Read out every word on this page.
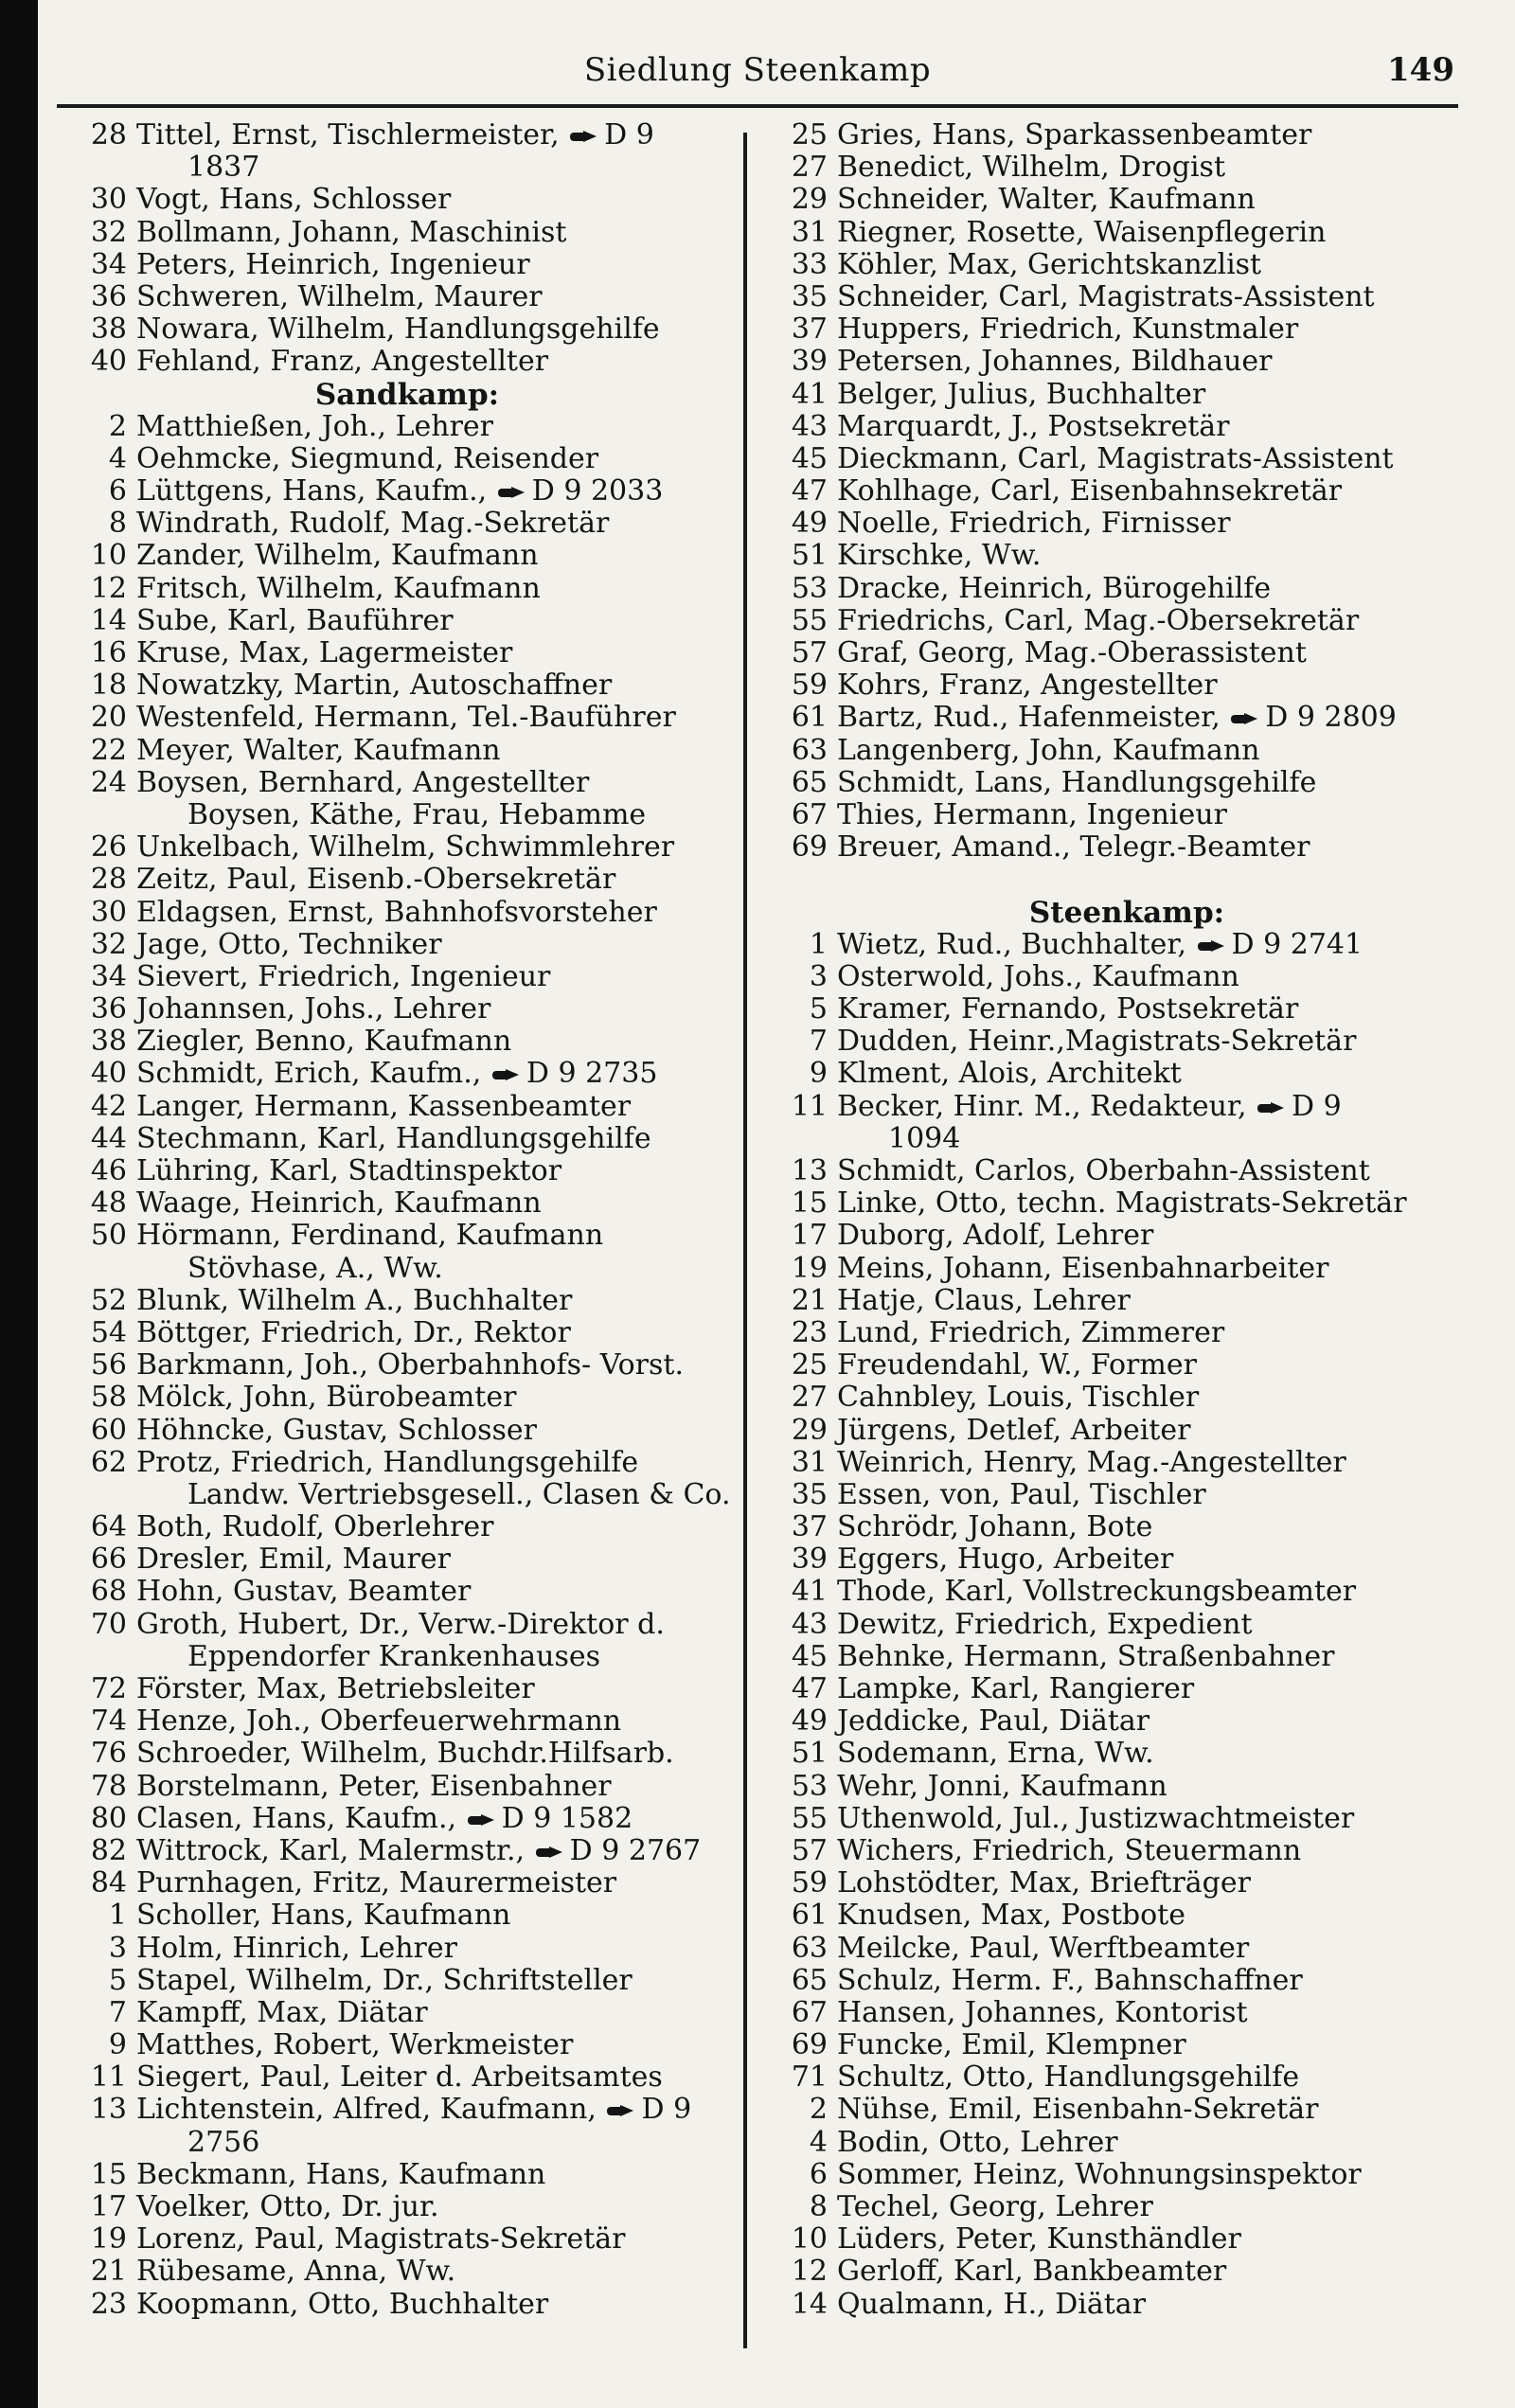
Siedlung Steenkamp	149
28 Tittel, Ernst, Tischlermeister, D 9
1837
30 Vogt, Hans, Schlosser
32 Bollmann, Johann, Maschinist
34 Peters, Heinrich, Ingenieur
36 Schweren, Wilhelm, Maurer
38 Nowara, Wilhelm, Handlungsgehilfe
40 Fehland, Franz, Angestellter
Sandkamp:
2 Matthießen, Joh., Lehrer
4 Oehmcke, Siegmund, Reisender
6 Lüttgens, Hans, Kaufm., D 9 2033
8 Windrath, Rudolf, Mag.-Sekretär
10 Zander, Wilhelm, Kaufmann
12 Fritsch, Wilhelm, Kaufmann
14 Sube, Karl, Bauführer
16 Kruse, Max, Lagermeister
18 Nowatzky, Martin, Autoschaffner
20 Westenfeld, Hermann, Tel.-Bauführer
22 Meyer, Walter, Kaufmann
24 Boysen, Bernhard, Angestellter
Boysen, Käthe, Frau, Hebamme
26 Unkelbach, Wilhelm, Schwimmlehrer
28 Zeitz, Paul, Eisenb.-Obersekretär
30 Eldagsen, Ernst, Bahnhofsvorsteher
32 Jage, Otto, Techniker
34 Sievert, Friedrich, Ingenieur
36 Johannsen, Johs., Lehrer
38 Ziegler, Benno, Kaufmann
40 Schmidt, Erich, Kaufm., D 9 2735
42 Langer, Hermann, Kassenbeamter
44 Stechmann, Karl, Handlungsgehilfe
46 Lühring, Karl, Stadtinspektor
48 Waage, Heinrich, Kaufmann
50 Hörmann, Ferdinand, Kaufmann
Stövhase, A., Ww.
52 Blunk, Wilhelm A., Buchhalter
54 Böttger, Friedrich, Dr., Rektor
56 Barkmann, Joh., Oberbahnhofs- Vorst.
58 Mölck, John, Bürobeamter
60 Höhncke, Gustav, Schlosser
62 Protz, Friedrich, Handlungsgehilfe
Landw. Vertriebsgesell., Clasen & Co.
64 Both, Rudolf, Oberlehrer
66 Dresler, Emil, Maurer
68 Hohn, Gustav, Beamter
70 Groth, Hubert, Dr., Verw.-Direktor d.
Eppendorfer Krankenhauses
72 Förster, Max, Betriebsleiter
74 Henze, Joh., Oberfeuerwehrmann
76 Schroeder, Wilhelm, Buchdr.Hilfsarb.
78 Borstelmann, Peter, Eisenbahner
80 Clasen, Hans, Kaufm., D 9 1582
82 Wittrock, Karl, Malermstr., D 9 2767
84 Purnhagen, Fritz, Maurermeister
1 Scholler, Hans, Kaufmann
3 Holm, Hinrich, Lehrer
5 Stapel, Wilhelm, Dr., Schriftsteller
7 Kampff, Max, Diätar
9 Matthes, Robert, Werkmeister
11 Siegert, Paul, Leiter d. Arbeitsamtes
13 Lichtenstein, Alfred, Kaufmann, D 9
2756
15 Beckmann, Hans, Kaufmann
17 Voelker, Otto, Dr. jur.
19 Lorenz, Paul, Magistrats-Sekretär
21 Rübesame, Anna, Ww.
23 Koopmann, Otto, Buchhalter
25 Gries, Hans, Sparkassenbeamter
27 Benedict, Wilhelm, Drogist
29 Schneider, Walter, Kaufmann
31 Riegner, Rosette, Waisenpflegerin
33 Köhler, Max, Gerichtskanzlist
35 Schneider, Carl, Magistrats-Assistent
37 Huppers, Friedrich, Kunstmaler
39 Petersen, Johannes, Bildhauer
41 Belger, Julius, Buchhalter
43 Marquardt, J., Postsekretär
45 Dieckmann, Carl, Magistrats-Assistent
47 Kohlhage, Carl, Eisenbahnsekretär
49 Noelle, Friedrich, Firnisser
51 Kirschke, Ww.
53 Dracke, Heinrich, Bürogehilfe
55 Friedrichs, Carl, Mag.-Obersekretär
57 Graf, Georg, Mag.-Oberassistent
59 Kohrs, Franz, Angestellter
61 Bartz, Rud., Hafenmeister, D 9 2809
63 Langenberg, John, Kaufmann
65 Schmidt, Lans, Handlungsgehilfe
67 Thies, Hermann, Ingenieur
69 Breuer, Amand., Telegr.-Beamter
Steenkamp:
1 Wietz, Rud., Buchhalter, D 9 2741
3 Osterwold, Johs., Kaufmann
5 Kramer, Fernando, Postsekretär
7 Dudden, Heinr.,Magistrats-Sekretär
9 Klment, Alois, Architekt
11 Becker, Hinr. M., Redakteur, D 9
1094
13 Schmidt, Carlos, Oberbahn-Assistent
15 Linke, Otto, techn. Magistrats-Sekretär
17 Duborg, Adolf, Lehrer
19 Meins, Johann, Eisenbahnarbeiter
21 Hatje, Claus, Lehrer
23 Lund, Friedrich, Zimmerer
25 Freudendahl, W., Former
27 Cahnbley, Louis, Tischler
29 Jürgens, Detlef, Arbeiter
31 Weinrich, Henry, Mag.-Angestellter
35 Essen, von, Paul, Tischler
37 Schrödr, Johann, Bote
39 Eggers, Hugo, Arbeiter
41 Thode, Karl, Vollstreckungsbeamter
43 Dewitz, Friedrich, Expedient
45 Behnke, Hermann, Straßenbahner
47 Lampke, Karl, Rangierer
49 Jeddicke, Paul, Diätar
51 Sodemann, Erna, Ww.
53 Wehr, Jonni, Kaufmann
55 Uthenwold, Jul., Justizwachtmeister
57 Wichers, Friedrich, Steuermann
59 Lohstödter, Max, Briefträger
61 Knudsen, Max, Postbote
63 Meilcke, Paul, Werftbeamter
65 Schulz, Herm. F., Bahnschaffner
67 Hansen, Johannes, Kontorist
69 Funcke, Emil, Klempner
71 Schultz, Otto, Handlungsgehilfe
2 Nühse, Emil, Eisenbahn-Sekretär
4 Bodin, Otto, Lehrer
6 Sommer, Heinz, Wohnungsinspektor
8 Techel, Georg, Lehrer
10 Lüders, Peter, Kunsthändler
12 Gerloff, Karl, Bankbeamter
14 Qualmann, H., Diätar
